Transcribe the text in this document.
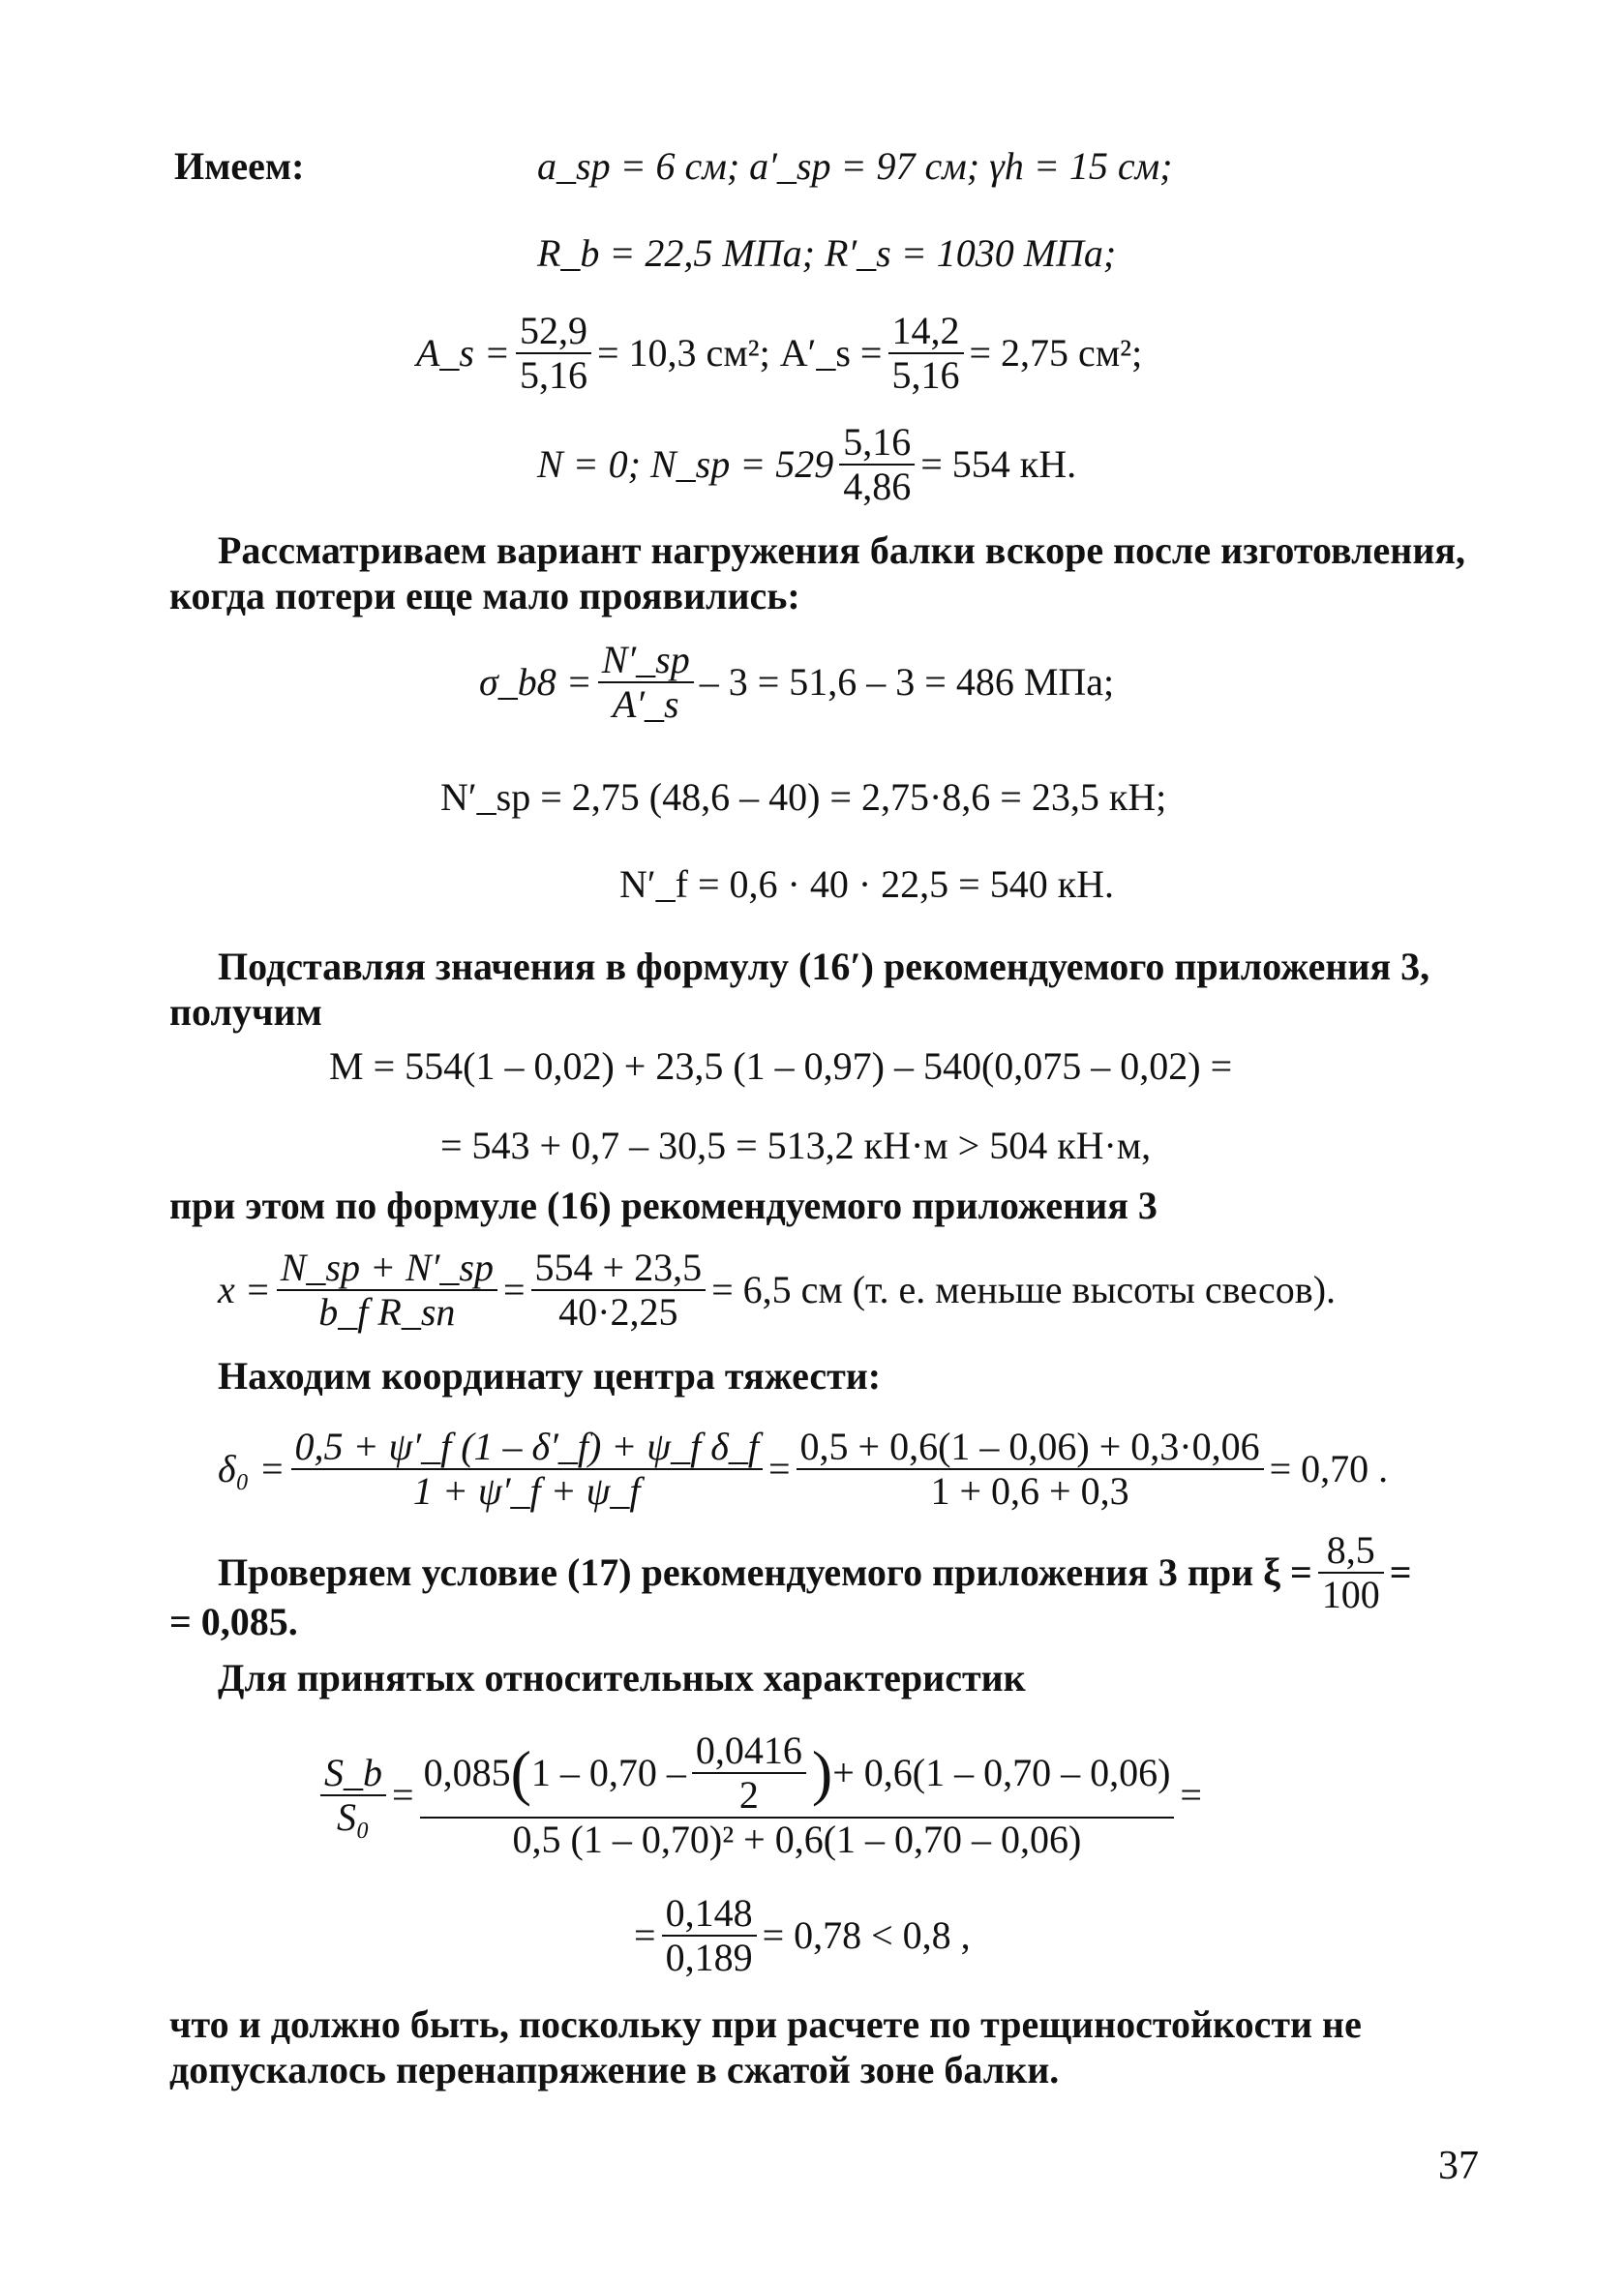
Имеем:	a_sp = 6 см; a′_sp = 97 см; γh = 15 см;
R_b = 22,5 МПа; R′_s = 1030 МПа;
A_s = $\frac{52,9}{5,16} = 10,3$ см²; A′_s = $\frac{14,2}{5,16} = 2,75$ см²;
N = 0; N_sp = $529 \frac{5,16}{4,86} = 554$ кН.
Рассматриваем вариант нагружения балки вскоре после изготовления, когда потери еще мало проявились:
σ_b8 = $\frac{N'\_sp}{A'\_s} - 3 = 51,6 - 3 = 486$ МПа;
N′_sp = 2,75 (48,6 – 40) = 2,75·8,6 = 23,5 кН;
N′_f = 0,6 · 40 · 22,5 = 540 кН.
Подставляя значения в формулу (16′) рекомендуемого приложения 3, получим
M = 554(1 – 0,02) + 23,5 (1 – 0,97) – 540(0,075 – 0,02) =
= 543 + 0,7 – 30,5 = 513,2 кН·м > 504 кН·м,
при этом по формуле (16) рекомендуемого приложения 3
$x = \frac{N\_sp + N'\_sp}{\text{b\_f R\_sn}} = \frac{554 + 23,5}{40\cdot 2,25} = 6,5$ см (т. е. меньше высоты свесов).
Находим координату центра тяжести:
$\delta_0 = \frac{\text{0,5 + ψ′\_f (1 – δ′\_f) + ψ\_f δ\_f}}{1 + \psi'\_f + \psi\_f} = \frac{0,5 + 0,6(1 - 0,06) + 0,3\cdot 0,06}{1 + 0,6 + 0,3} = 0,70$ .
Проверяем условие (17) рекомендуемого приложения 3 при $\xi = \frac{8,5}{100}$ =
= 0,085.
Для принятых относительных характеристик
$\frac{S\_b}{\text{S₀}}$ =
0,085 ( $1 - 0,70 - \frac{0,0416}{2}$ ) + 0,6(1 – 0,70 – 0,06)
0,5 (1 – 0,70)² + 0,6(1 – 0,70 – 0,06)
=
= $\frac{0,148}{0,189} = 0,78 < 0,8$ ,
что и должно быть, поскольку при расчете по трещиностойкости не допускалось перенапряжение в сжатой зоне балки.
37
